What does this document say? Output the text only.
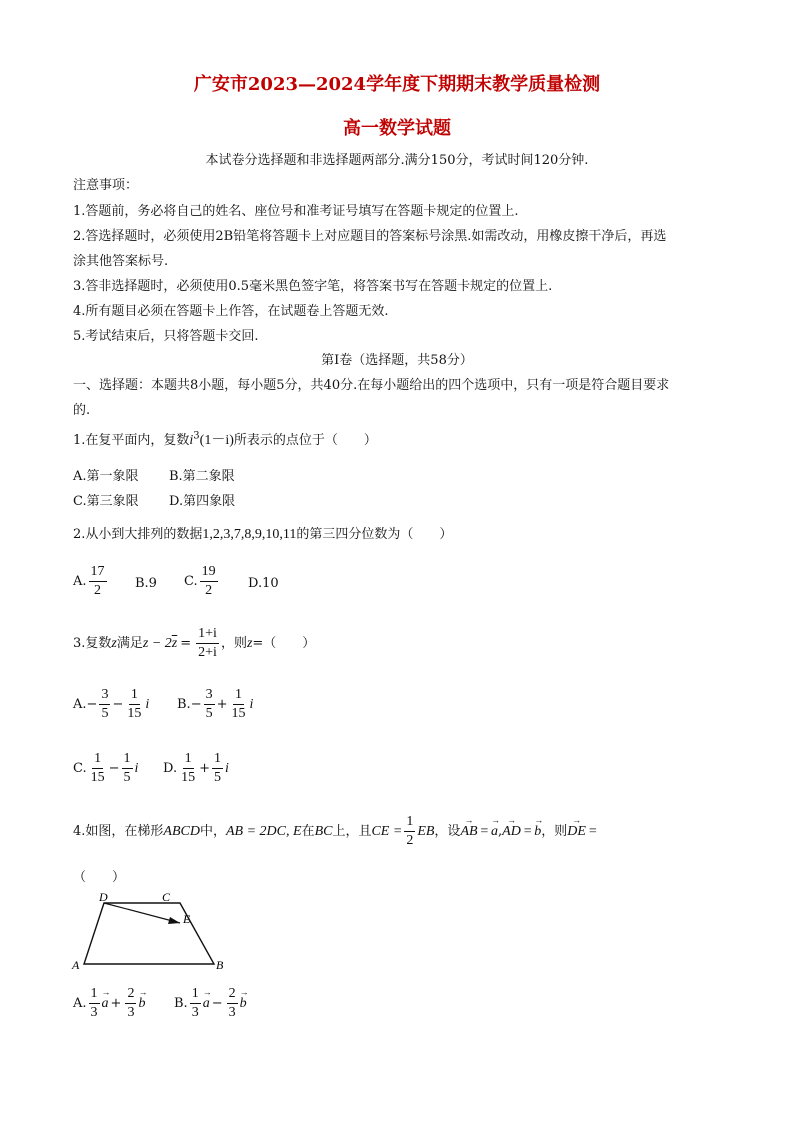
广安市2023—2024学年度下期期末教学质量检测
高一数学试题
本试卷分选择题和非选择题两部分.满分150分，考试时间120分钟.
注意事项：
1.答题前，务必将自己的姓名、座位号和准考证号填写在答题卡规定的位置上.
2.答选择题时，必须使用2B铅笔将答题卡上对应题目的答案标号涂黑.如需改动，用橡皮擦干净后，再选
涂其他答案标号.
3.答非选择题时，必须使用0.5毫米黑色签字笔，将答案书写在答题卡规定的位置上.
4.所有题目必须在答题卡上作答，在试题卷上答题无效.
5.考试结束后，只将答题卡交回.
第Ⅰ卷（选择题，共58分）
一、选择题：本题共8小题，每小题5分，共40分.在每小题给出的四个选项中，只有一项是符合题目要求
的.
1.在复平面内，复数$i^3(1-i)$所表示的点位于（　　）
A.第一象限 B.第二象限
C.第三象限 D.第四象限
2.从小到大排列的数据1,2,3,7,8,9,10,11的第三四分位数为（　　）
A. $\frac{17}{2} B.9$ C. $\frac{19}{2} D.10$
3.复数z满足$z - 2\overline{z} = \frac{1+i}{2+i}$ ，则z=（　　）
$A.- \frac{3}{5} - \frac{1}{15}$ i $B.- \frac{3}{5} + \frac{1}{15}$ i
C. $\frac{1}{15} - \frac{1}{5}$ i D. $\frac{1}{15} + \frac{1}{5}$ i
4.如图，在梯形ABCD中，AB = 2DC, E在BC上，且CE = $\frac{1}{2}$ EB，设→ AB = → a,→ AD = → b，则→ DE =
（　　）
A	B
C
D
E
A. $\frac{1}{3} \to a + \frac{2}{3} \to b$ B. $\frac{1}{3} \to a - \frac{2}{3} \to b$
